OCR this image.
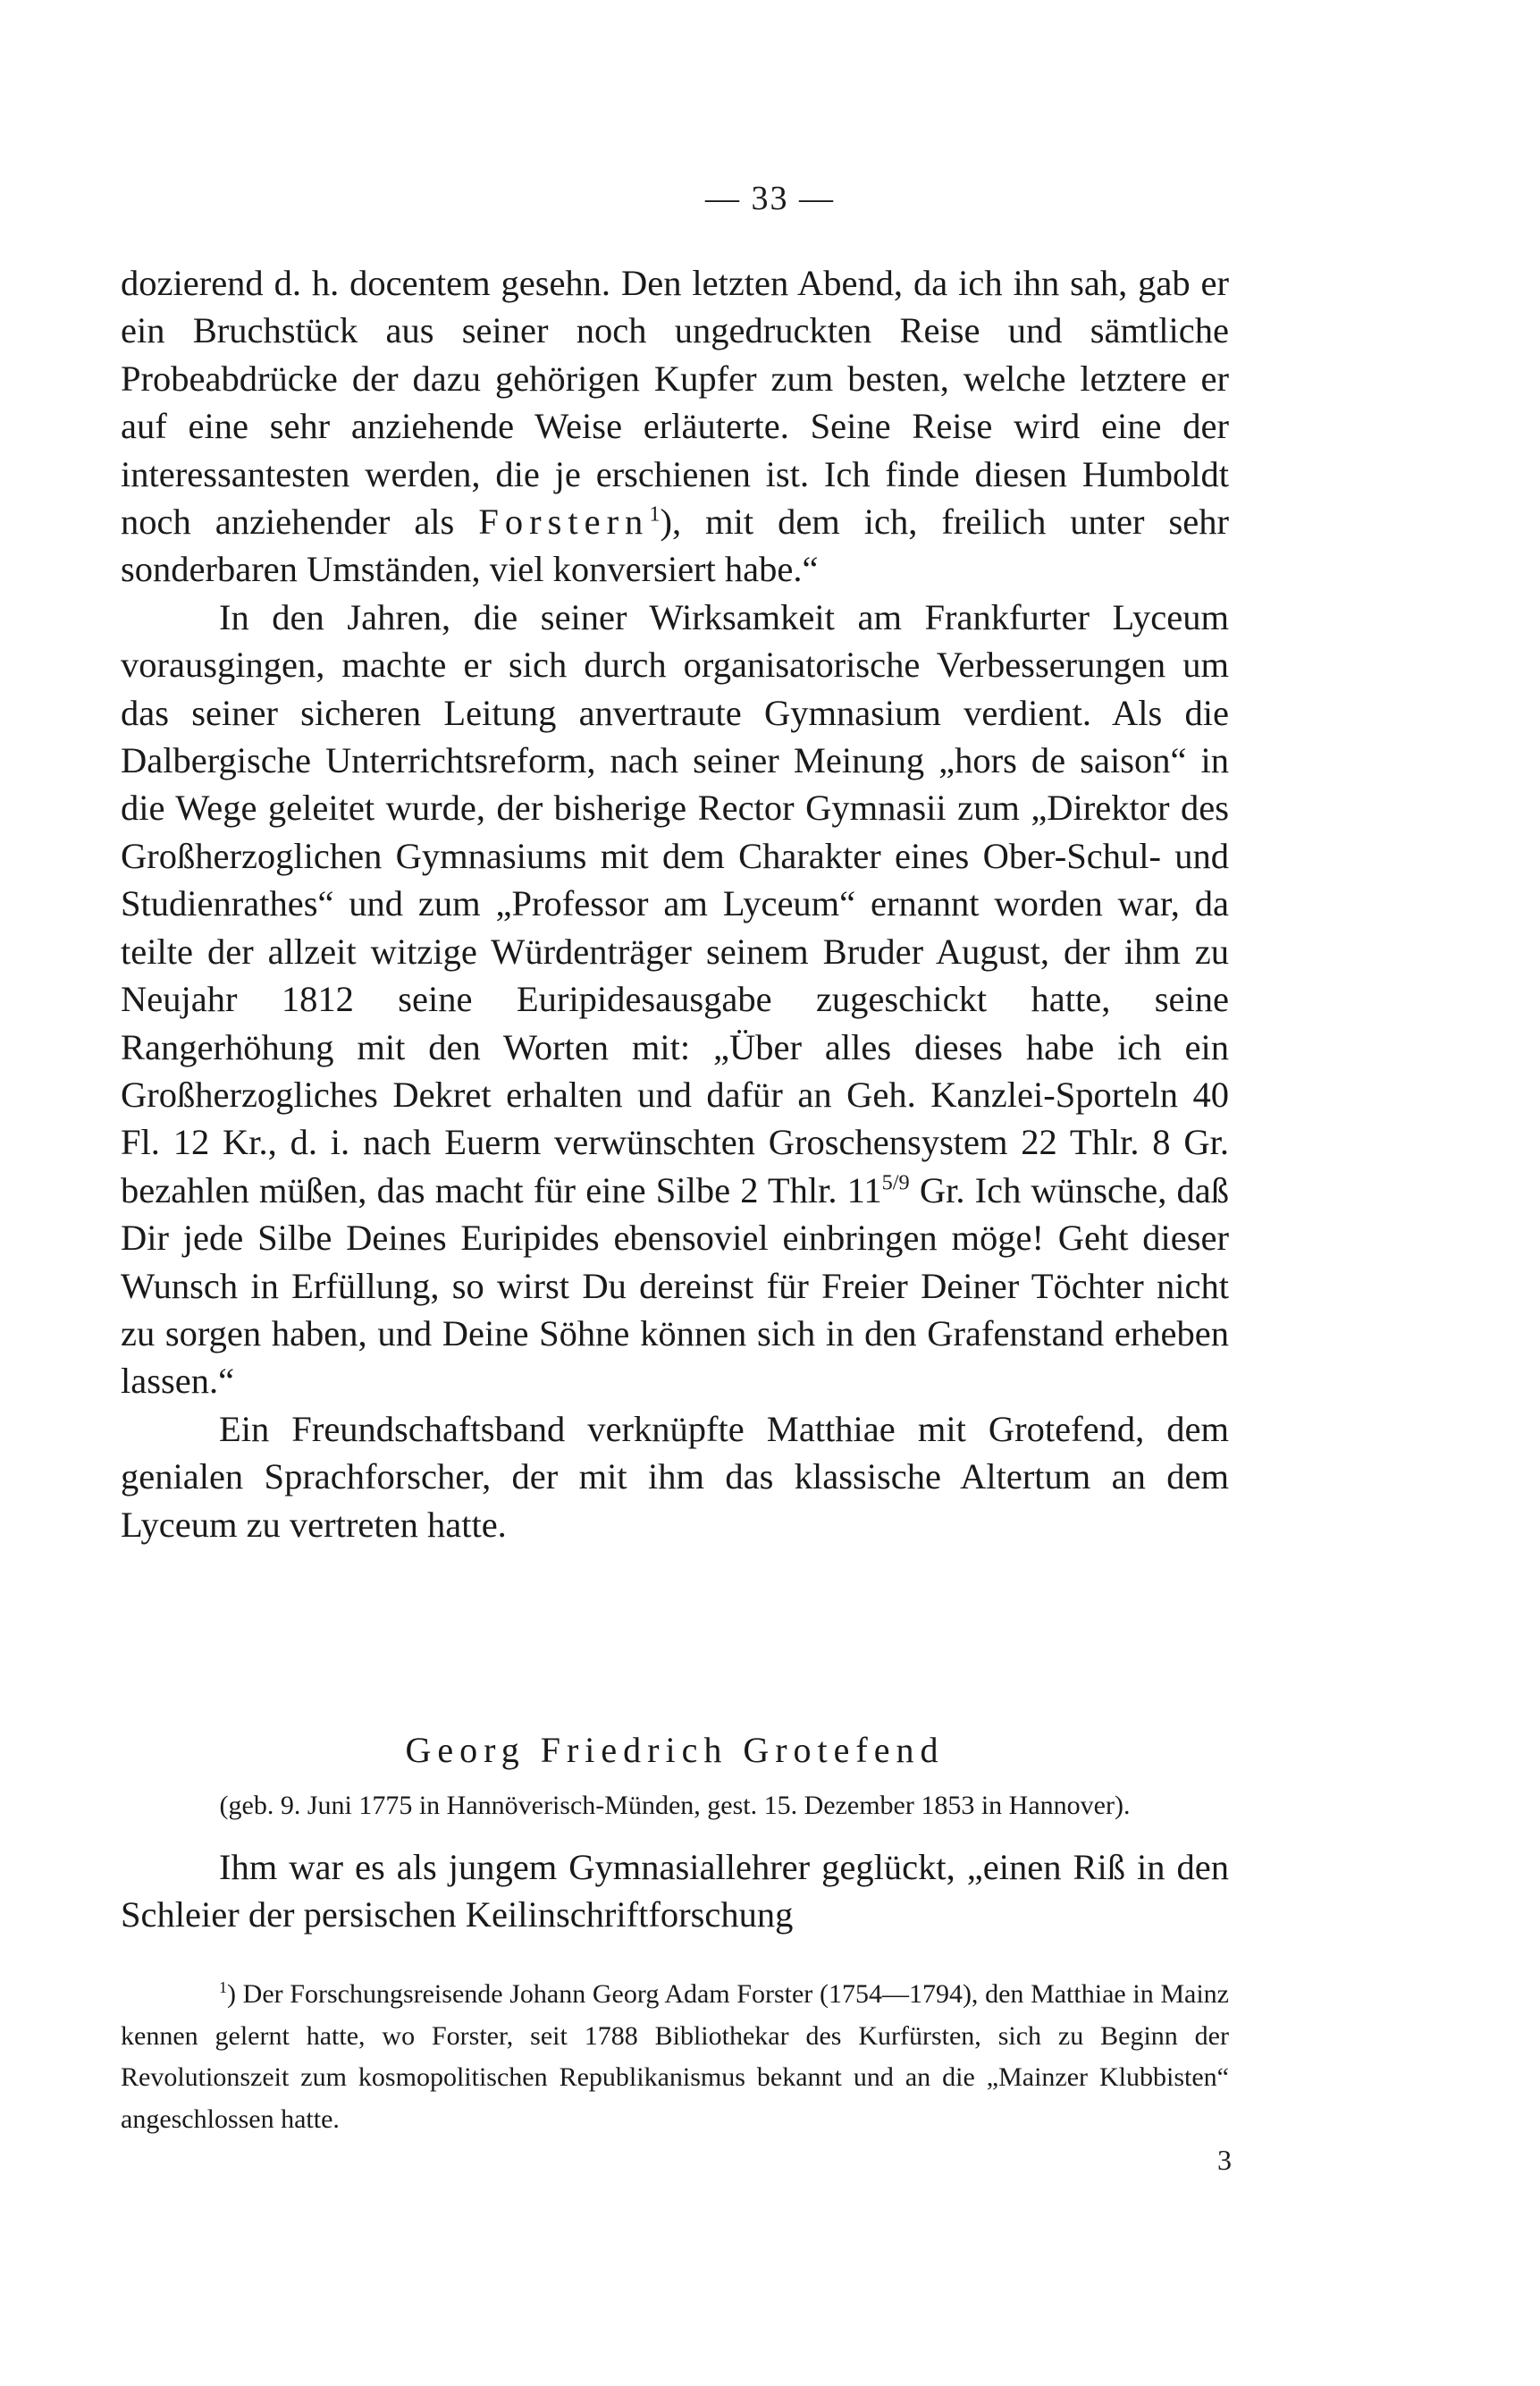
— 33 —

dozierend d. h. docentem gesehn. Den letzten Abend, da ich ihn sah, gab er ein Bruchstück aus seiner noch ungedruckten Reise und sämtliche Probeabdrücke der dazu gehörigen Kupfer zum besten, welche letztere er auf eine sehr anziehende Weise erläuterte. Seine Reise wird eine der interessantesten werden, die je erschienen ist. Ich finde diesen Humboldt noch anziehender als Forstern$^1$), mit dem ich, freilich unter sehr sonderbaren Umständen, viel konversiert habe.“

In den Jahren, die seiner Wirksamkeit am Frankfurter Lyceum vorausgingen, machte er sich durch organisatorische Verbesserungen um das seiner sicheren Leitung anvertraute Gymnasium verdient. Als die Dalbergische Unterrichtsreform, nach seiner Meinung „hors de saison“ in die Wege geleitet wurde, der bisherige Rector Gymnasii zum „Direktor des Großherzoglichen Gymnasiums mit dem Charakter eines Ober-Schul- und Studienrathes“ und zum „Professor am Lyceum“ ernannt worden war, da teilte der allzeit witzige Würdenträger seinem Bruder August, der ihm zu Neujahr 1812 seine Euripidesausgabe zugeschickt hatte, seine Rangerhöhung mit den Worten mit: „Über alles dieses habe ich ein Großherzogliches Dekret erhalten und dafür an Geh. Kanzlei-Sporteln 40 Fl. 12 Kr., d. i. nach Euerm verwünschten Groschensystem 22 Thlr. 8 Gr. bezahlen müßen, das macht für eine Silbe 2 Thlr. $11^{5/9}$ Gr. Ich wünsche, daß Dir jede Silbe Deines Euripides ebensoviel einbringen möge! Geht dieser Wunsch in Erfüllung, so wirst Du dereinst für Freier Deiner Töchter nicht zu sorgen haben, und Deine Söhne können sich in den Grafenstand erheben lassen.“

Ein Freundschaftsband verknüpfte Matthiae mit Grotefend, dem genialen Sprachforscher, der mit ihm das klassische Altertum an dem Lyceum zu vertreten hatte.

Georg Friedrich Grotefend
(geb. 9. Juni 1775 in Hannöverisch-Münden, gest. 15. Dezember 1853 in Hannover).

Ihm war es als jungem Gymnasiallehrer geglückt, „einen Riß in den Schleier der persischen Keilinschriftforschung

$^1$) Der Forschungsreisende Johann Georg Adam Forster (1754—1794), den Matthiae in Mainz kennen gelernt hatte, wo Forster, seit 1788 Bibliothekar des Kurfürsten, sich zu Beginn der Revolutionszeit zum kosmopolitischen Republikanismus bekannt und an die „Mainzer Klubbisten“ angeschlossen hatte.

3
